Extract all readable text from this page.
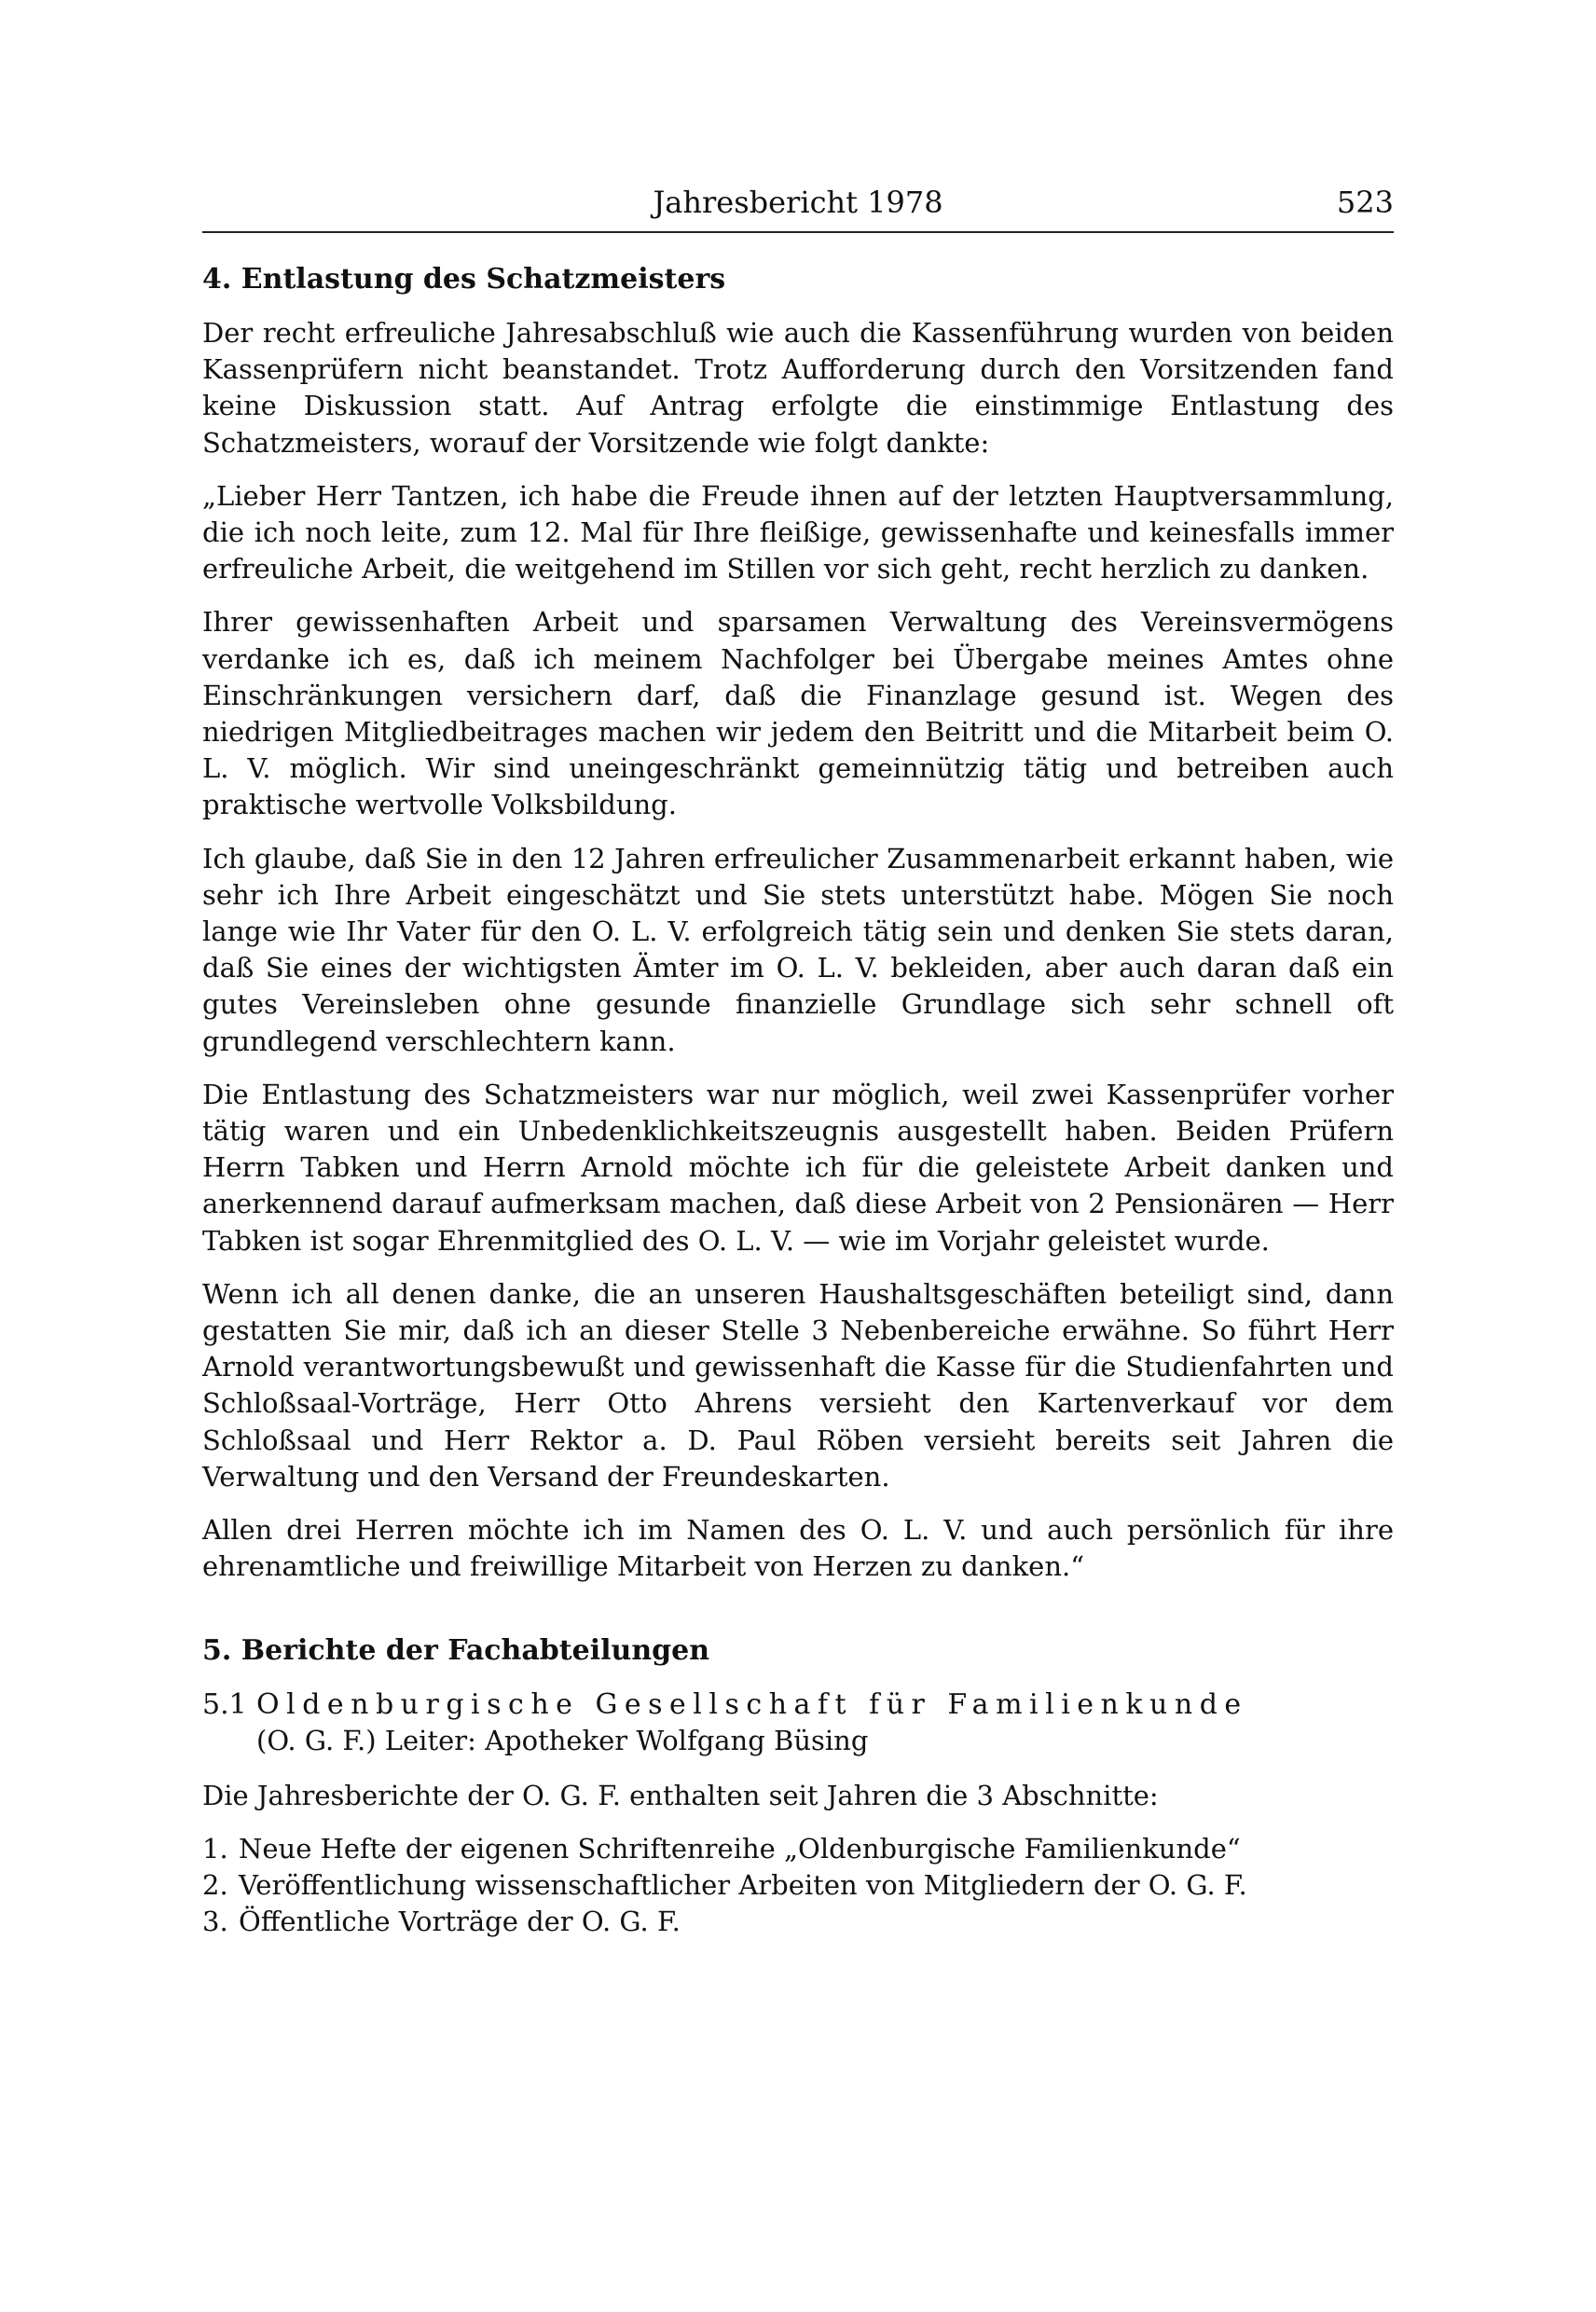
Jahresbericht 1978	523
4. Entlastung des Schatzmeisters

Der recht erfreuliche Jahresabschluß wie auch die Kassenführung wurden von beiden Kassenprüfern nicht beanstandet. Trotz Aufforderung durch den Vorsitzenden fand keine Diskussion statt. Auf Antrag erfolgte die einstimmige Entlastung des Schatzmeisters, worauf der Vorsitzende wie folgt dankte:

„Lieber Herr Tantzen, ich habe die Freude ihnen auf der letzten Hauptversammlung, die ich noch leite, zum 12. Mal für Ihre fleißige, gewissenhafte und keinesfalls immer erfreuliche Arbeit, die weitgehend im Stillen vor sich geht, recht herzlich zu danken.

Ihrer gewissenhaften Arbeit und sparsamen Verwaltung des Vereinsvermögens verdanke ich es, daß ich meinem Nachfolger bei Übergabe meines Amtes ohne Einschränkungen versichern darf, daß die Finanzlage gesund ist. Wegen des niedrigen Mitgliedbeitrages machen wir jedem den Beitritt und die Mitarbeit beim O. L. V. möglich. Wir sind uneingeschränkt gemeinnützig tätig und betreiben auch praktische wertvolle Volksbildung.

Ich glaube, daß Sie in den 12 Jahren erfreulicher Zusammenarbeit erkannt haben, wie sehr ich Ihre Arbeit eingeschätzt und Sie stets unterstützt habe. Mögen Sie noch lange wie Ihr Vater für den O. L. V. erfolgreich tätig sein und denken Sie stets daran, daß Sie eines der wichtigsten Ämter im O. L. V. bekleiden, aber auch daran daß ein gutes Vereinsleben ohne gesunde finanzielle Grundlage sich sehr schnell oft grundlegend verschlechtern kann.

Die Entlastung des Schatzmeisters war nur möglich, weil zwei Kassenprüfer vorher tätig waren und ein Unbedenklichkeitszeugnis ausgestellt haben. Beiden Prüfern Herrn Tabken und Herrn Arnold möchte ich für die geleistete Arbeit danken und anerkennend darauf aufmerksam machen, daß diese Arbeit von 2 Pensionären — Herr Tabken ist sogar Ehrenmitglied des O. L. V. — wie im Vorjahr geleistet wurde.

Wenn ich all denen danke, die an unseren Haushaltsgeschäften beteiligt sind, dann gestatten Sie mir, daß ich an dieser Stelle 3 Nebenbereiche erwähne. So führt Herr Arnold verantwortungsbewußt und gewissenhaft die Kasse für die Studienfahrten und Schloßsaal-Vorträge, Herr Otto Ahrens versieht den Kartenverkauf vor dem Schloßsaal und Herr Rektor a. D. Paul Röben versieht bereits seit Jahren die Verwaltung und den Versand der Freundeskarten.

Allen drei Herren möchte ich im Namen des O. L. V. und auch persönlich für ihre ehrenamtliche und freiwillige Mitarbeit von Herzen zu danken.“

5. Berichte der Fachabteilungen
5.1 Oldenburgische Gesellschaft für Familienkunde
(O. G. F.) Leiter: Apotheker Wolfgang Büsing

Die Jahresberichte der O. G. F. enthalten seit Jahren die 3 Abschnitte:

1. Neue Hefte der eigenen Schriftenreihe „Oldenburgische Familienkunde“
2. Veröffentlichung wissenschaftlicher Arbeiten von Mitgliedern der O. G. F.
3. Öffentliche Vorträge der O. G. F.
